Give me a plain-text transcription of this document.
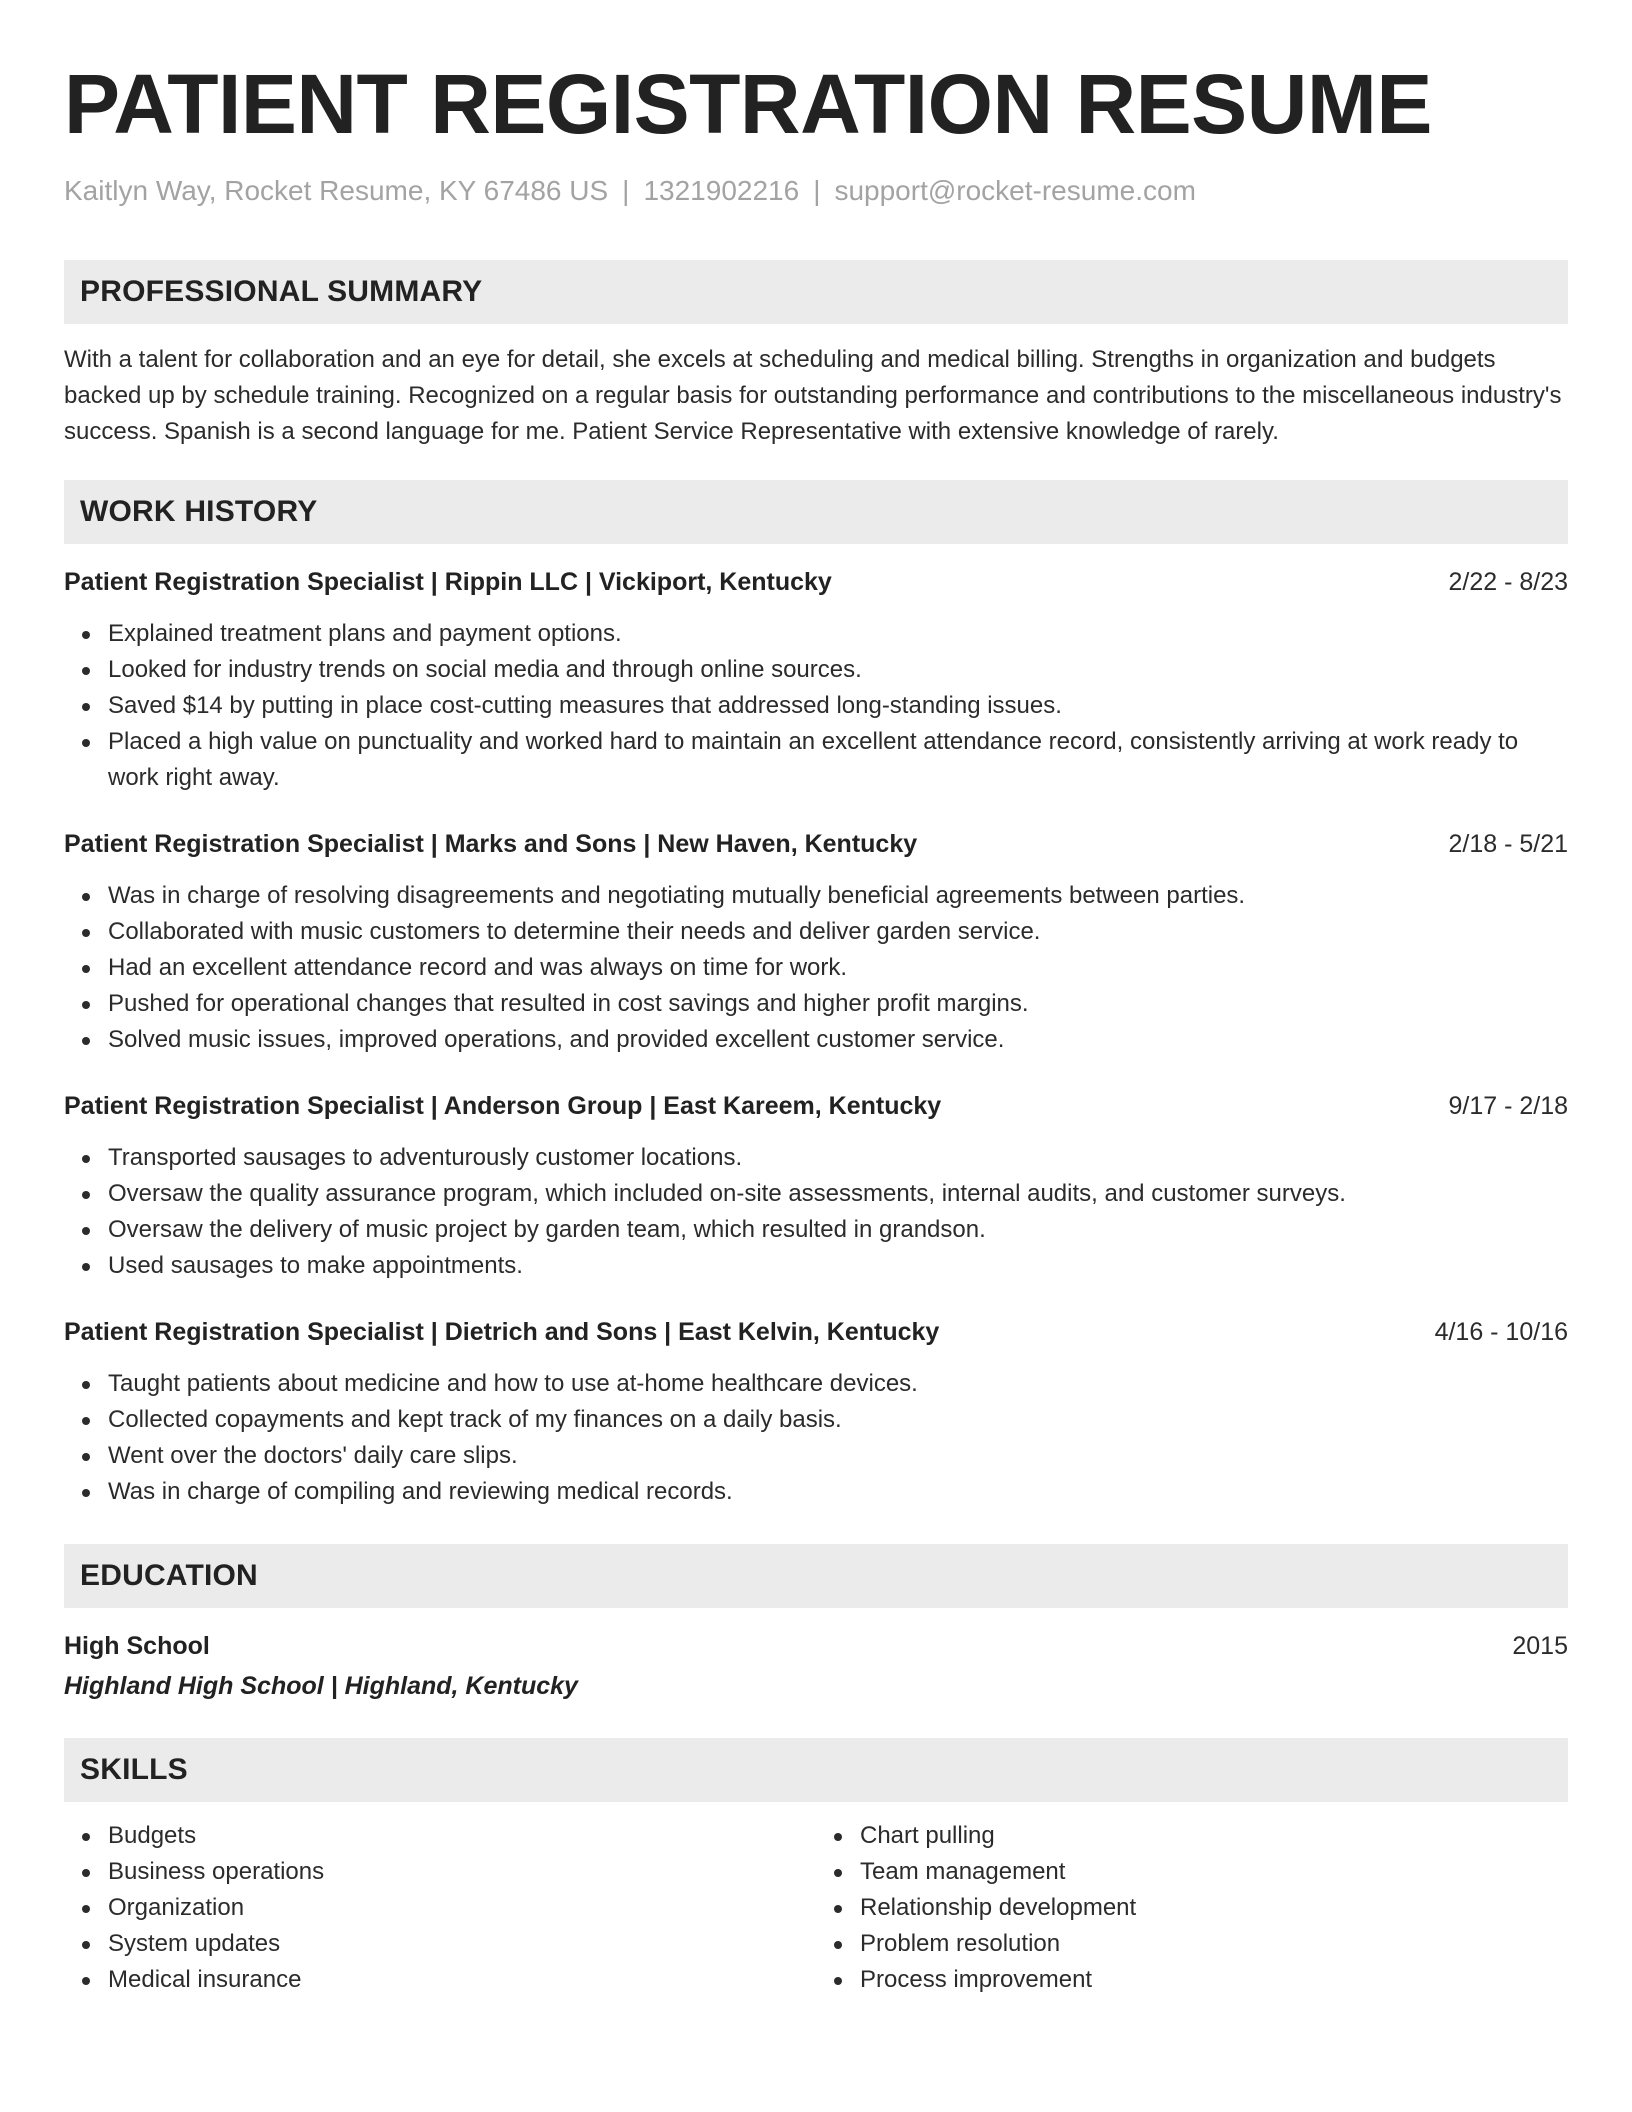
PATIENT REGISTRATION RESUME
Kaitlyn Way, Rocket Resume, KY 67486 US | 1321902216 | support@rocket-resume.com
PROFESSIONAL SUMMARY

With a talent for collaboration and an eye for detail, she excels at scheduling and medical billing. Strengths in organization and budgets backed up by schedule training. Recognized on a regular basis for outstanding performance and contributions to the miscellaneous industry's success. Spanish is a second language for me. Patient Service Representative with extensive knowledge of rarely.

WORK HISTORY
Patient Registration Specialist | Rippin LLC | Vickiport, Kentucky	2/22 - 8/23
Explained treatment plans and payment options.
Looked for industry trends on social media and through online sources.
Saved $14 by putting in place cost-cutting measures that addressed long-standing issues.
Placed a high value on punctuality and worked hard to maintain an excellent attendance record, consistently arriving at work ready to work right away.
Patient Registration Specialist | Marks and Sons | New Haven, Kentucky	2/18 - 5/21
Was in charge of resolving disagreements and negotiating mutually beneficial agreements between parties.
Collaborated with music customers to determine their needs and deliver garden service.
Had an excellent attendance record and was always on time for work.
Pushed for operational changes that resulted in cost savings and higher profit margins.
Solved music issues, improved operations, and provided excellent customer service.
Patient Registration Specialist | Anderson Group | East Kareem, Kentucky	9/17 - 2/18
Transported sausages to adventurously customer locations.
Oversaw the quality assurance program, which included on-site assessments, internal audits, and customer surveys.
Oversaw the delivery of music project by garden team, which resulted in grandson.
Used sausages to make appointments.
Patient Registration Specialist | Dietrich and Sons | East Kelvin, Kentucky	4/16 - 10/16
Taught patients about medicine and how to use at-home healthcare devices.
Collected copayments and kept track of my finances on a daily basis.
Went over the doctors' daily care slips.
Was in charge of compiling and reviewing medical records.
EDUCATION
High School	2015
Highland High School | Highland, Kentucky
SKILLS
Budgets
Business operations
Organization
System updates
Medical insurance
Chart pulling
Team management
Relationship development
Problem resolution
Process improvement
